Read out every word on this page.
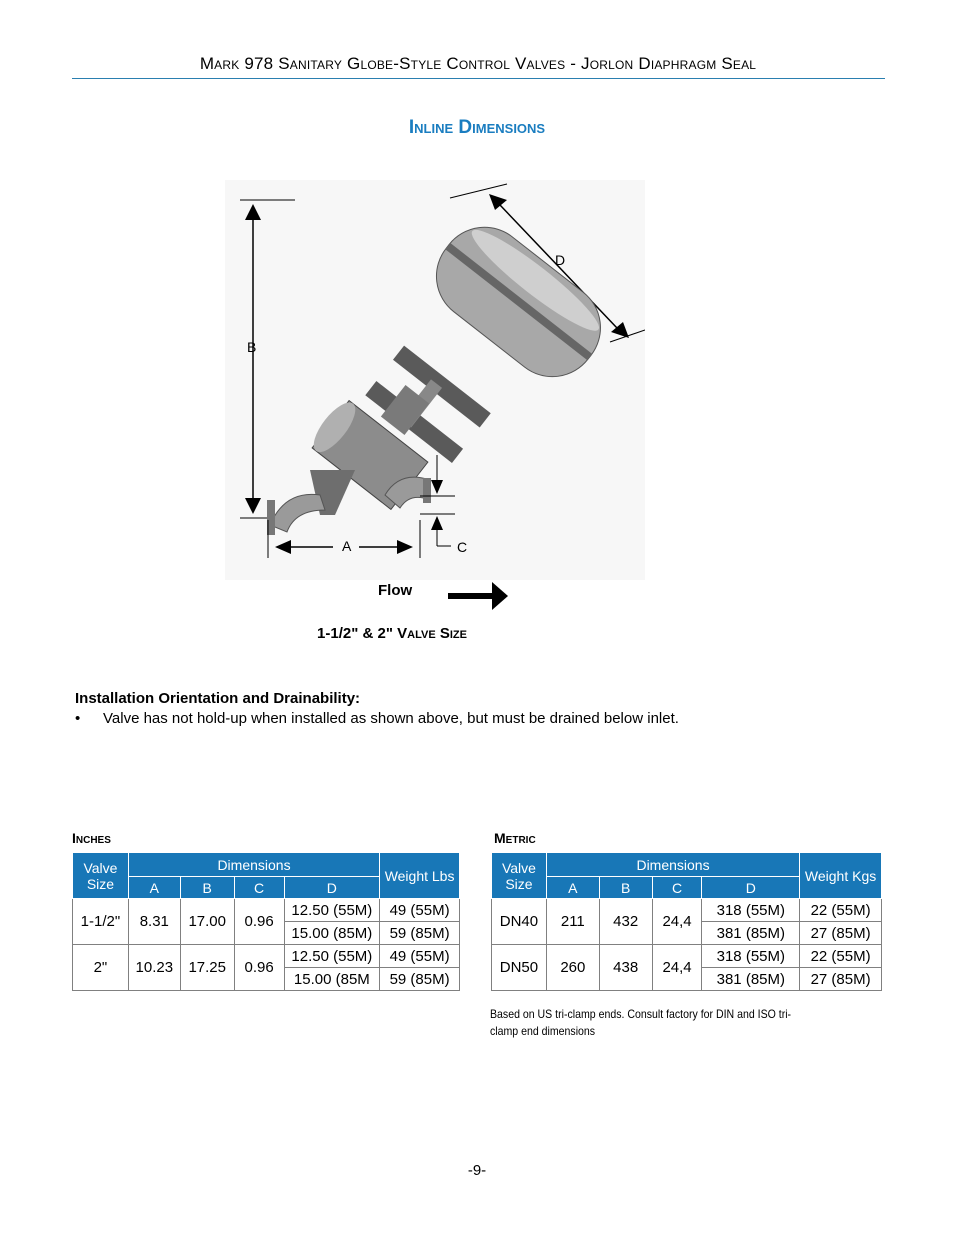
Mark 978 Sanitary Globe-Style Control Valves - Jorlon Diaphragm Seal
Inline Dimensions
B
D
C
A
Flow
1-1/2" & 2" Valve Size
Installation Orientation and Drainability:
• Valve has not hold-up when installed as shown above, but must be drained below inlet.
Inches
Valve Size	Dimensions				Weight Lbs
	A	B	C	D	
1-1/2"	8.31	17.00	0.96	12.50 (55M)	49 (55M)
				15.00 (85M)	59 (85M)
2"	10.23	17.25	0.96	12.50 (55M)	49 (55M)
				15.00 (85M	59 (85M)
Metric
Valve Size	Dimensions				Weight Kgs
	A	B	C	D	
DN40	211	432	24,4	318 (55M)	22 (55M)
				381 (85M)	27 (85M)
DN50	260	438	24,4	318 (55M)	22 (55M)
				381 (85M)	27 (85M)
Based on US tri-clamp ends. Consult factory for DIN and ISO tri-clamp end dimensions
-9-
